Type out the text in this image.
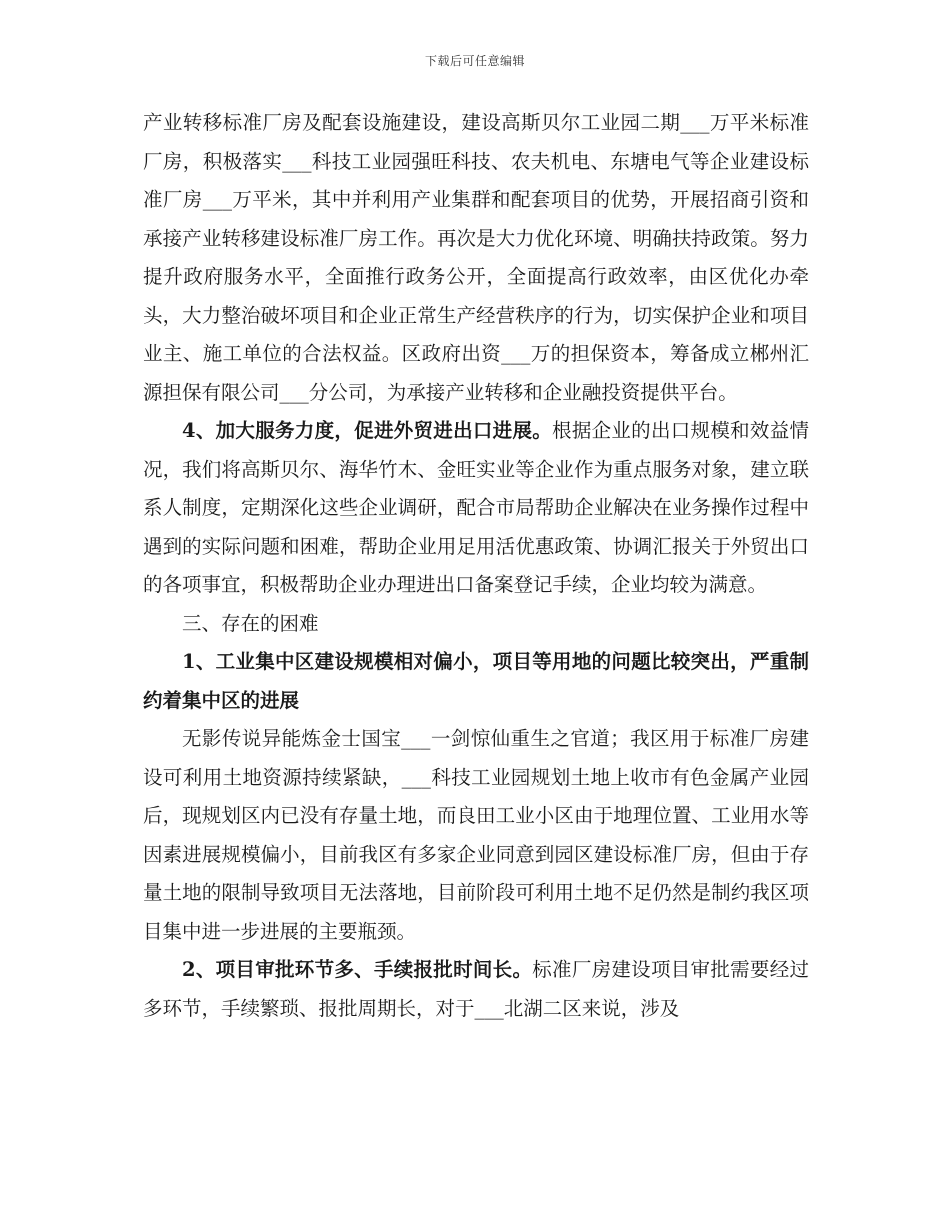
下载后可任意编辑

产业转移标准厂房及配套设施建设，建设高斯贝尔工业园二期___万平米标准厂房，积极落实___科技工业园强旺科技、农夫机电、东塘电气等企业建设标准厂房___万平米，其中并利用产业集群和配套项目的优势，开展招商引资和承接产业转移建设标准厂房工作。再次是大力优化环境、明确扶持政策。努力提升政府服务水平，全面推行政务公开，全面提高行政效率，由区优化办牵头，大力整治破坏项目和企业正常生产经营秩序的行为，切实保护企业和项目业主、施工单位的合法权益。区政府出资___万的担保资本，筹备成立郴州汇源担保有限公司___分公司，为承接产业转移和企业融投资提供平台。

4、加大服务力度，促进外贸进出口进展。根据企业的出口规模和效益情况，我们将高斯贝尔、海华竹木、金旺实业等企业作为重点服务对象，建立联系人制度，定期深化这些企业调研，配合市局帮助企业解决在业务操作过程中遇到的实际问题和困难，帮助企业用足用活优惠政策、协调汇报关于外贸出口的各项事宜，积极帮助企业办理进出口备案登记手续，企业均较为满意。

三、存在的困难

1、工业集中区建设规模相对偏小，项目等用地的问题比较突出，严重制约着集中区的进展

无影传说异能炼金士国宝___一剑惊仙重生之官道；我区用于标准厂房建设可利用土地资源持续紧缺，___科技工业园规划土地上收市有色金属产业园后，现规划区内已没有存量土地，而良田工业小区由于地理位置、工业用水等因素进展规模偏小，目前我区有多家企业同意到园区建设标准厂房，但由于存量土地的限制导致项目无法落地，目前阶段可利用土地不足仍然是制约我区项目集中进一步进展的主要瓶颈。

2、项目审批环节多、手续报批时间长。标准厂房建设项目审批需要经过多环节，手续繁琐、报批周期长，对于___北湖二区来说，涉及
